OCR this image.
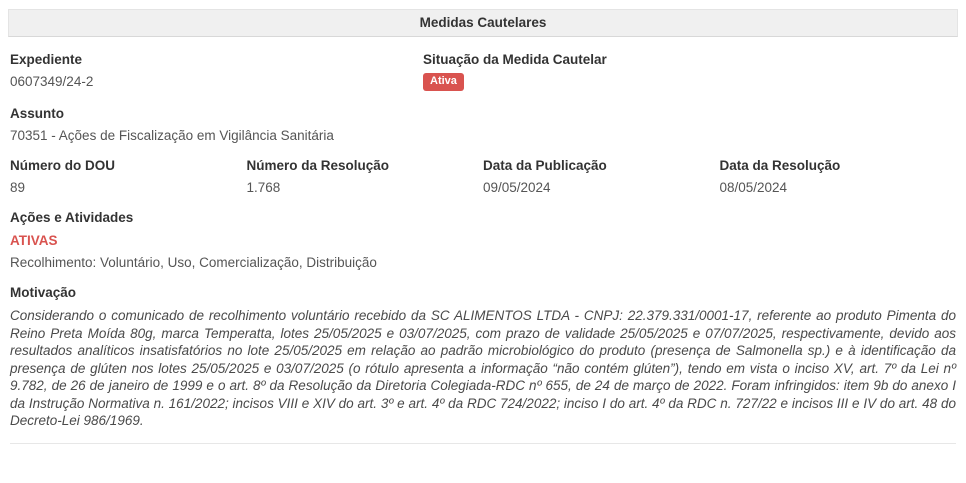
Medidas Cautelares
Expediente
0607349/24-2
Situação da Medida Cautelar
Ativa
Assunto
70351 - Ações de Fiscalização em Vigilância Sanitária
Número do DOU
89
Número da Resolução
1.768
Data da Publicação
09/05/2024
Data da Resolução
08/05/2024
Ações e Atividades
ATIVAS
Recolhimento: Voluntário, Uso, Comercialização, Distribuição
Motivação
Considerando o comunicado de recolhimento voluntário recebido da SC ALIMENTOS LTDA - CNPJ: 22.379.331/0001-17, referente ao produto Pimenta do Reino Preta Moída 80g, marca Temperatta, lotes 25/05/2025 e 03/07/2025, com prazo de validade 25/05/2025 e 07/07/2025, respectivamente, devido aos resultados analíticos insatisfatórios no lote 25/05/2025 em relação ao padrão microbiológico do produto (presença de Salmonella sp.) e à identificação da presença de glúten nos lotes 25/05/2025 e 03/07/2025 (o rótulo apresenta a informação “não contém glúten”), tendo em vista o inciso XV, art. 7º da Lei nº 9.782, de 26 de janeiro de 1999 e o art. 8º da Resolução da Diretoria Colegiada-RDC nº 655, de 24 de março de 2022. Foram infringidos: item 9b do anexo I da Instrução Normativa n. 161/2022; incisos VIII e XIV do art. 3º e art. 4º da RDC 724/2022; inciso I do art. 4º da RDC n. 727/22 e incisos III e IV do art. 48 do Decreto-Lei 986/1969.
